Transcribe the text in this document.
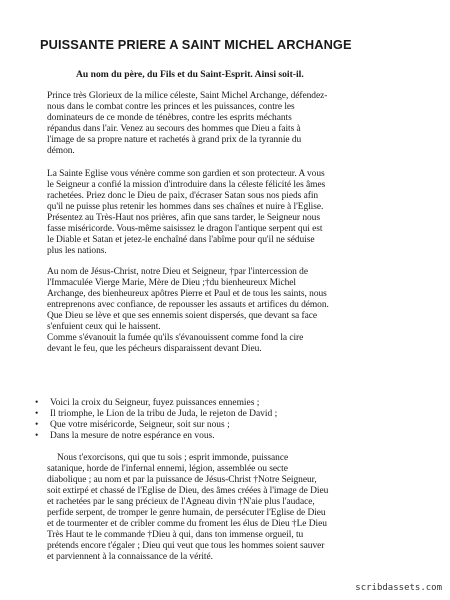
PUISSANTE PRIERE A SAINT MICHEL ARCHANGE

Au nom du père, du Fils et du Saint-Esprit. Ainsi soit-il.

Prince très Glorieux de la milice céleste, Saint Michel Archange, défendez-
nous dans le combat contre les princes et les puissances, contre les
dominateurs de ce monde de ténèbres, contre les esprits méchants
répandus dans l'air. Venez au secours des hommes que Dieu a faits à
l'image de sa propre nature et rachetés à grand prix de la tyrannie du
démon.
La Sainte Eglise vous vénère comme son gardien et son protecteur. A vous
le Seigneur a confié la mission d'introduire dans la céleste félicité les âmes
rachetées. Priez donc le Dieu de paix, d'écraser Satan sous nos pieds afin
qu'il ne puisse plus retenir les hommes dans ses chaînes et nuire à l'Eglise.
Présentez au Très-Haut nos prières, afin que sans tarder, le Seigneur nous
fasse miséricorde. Vous-même saisissez le dragon l'antique serpent qui est
le Diable et Satan et jetez-le enchaîné dans l'abîme pour qu'il ne séduise
plus les nations.
Au nom de Jésus-Christ, notre Dieu et Seigneur, †par l'intercession de
l'Immaculée Vierge Marie, Mère de Dieu ;†du bienheureux Michel
Archange, des bienheureux apôtres Pierre et Paul et de tous les saints, nous
entreprenons avec confiance, de repousser les assauts et artifices du démon.
Que Dieu se lève et que ses ennemis soient dispersés, que devant sa face
s'enfuient ceux qui le haissent.
Comme s'évanouit la fumée qu'ils s'évanouissent comme fond la cire
devant le feu, que les pécheurs disparaissent devant Dieu.
• Voici la croix du Seigneur, fuyez puissances ennemies ;
• Il triomphe, le Lion de la tribu de Juda, le rejeton de David ;
• Que votre miséricorde, Seigneur, soit sur nous ;
• Dans la mesure de notre espérance en vous.
Nous t'exorcisons, qui que tu sois ; esprit immonde, puissance
satanique, horde de l'infernal ennemi, légion, assemblée ou secte
diabolique ; au nom et par la puissance de Jésus-Christ †Notre Seigneur,
soit extirpé et chassé de l'Eglise de Dieu, des âmes créées à l'image de Dieu
et rachetées par le sang précieux de l'Agneau divin †N'aie plus l'audace,
perfide serpent, de tromper le genre humain, de persécuter l'Eglise de Dieu
et de tourmenter et de cribler comme du froment les élus de Dieu †Le Dieu
Très Haut te le commande †Dieu à qui, dans ton immense orgueil, tu
prétends encore t'égaler ; Dieu qui veut que tous les hommes soient sauver
et parviennent à la connaissance de la vérité.
scribdassets.com
